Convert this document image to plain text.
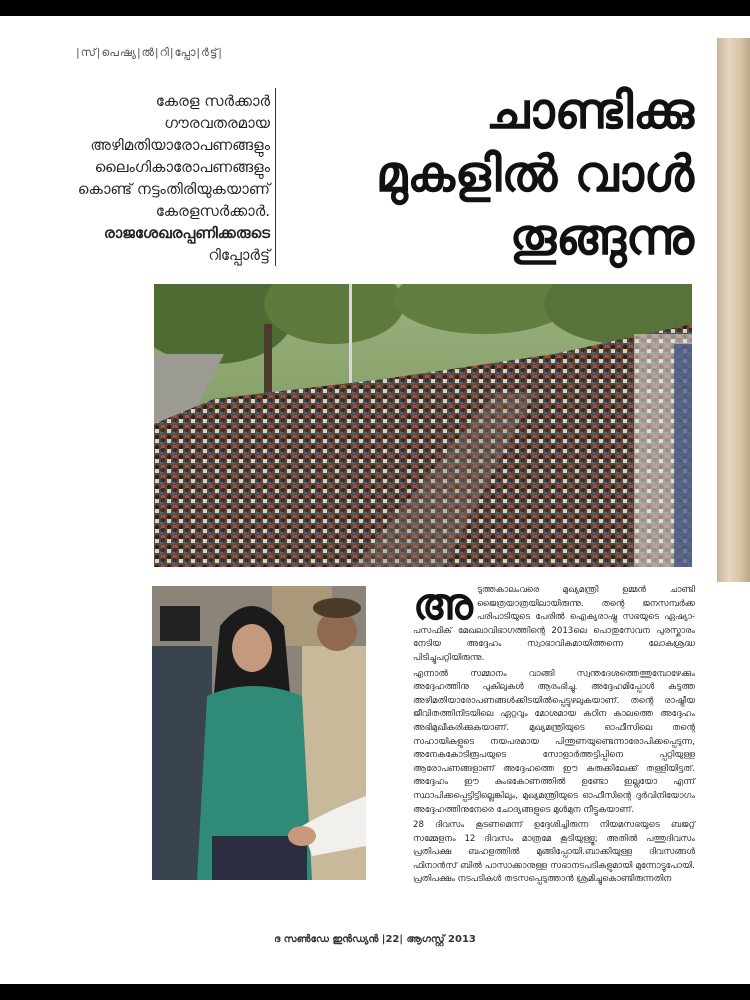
|സ്|പെഷ്യ|ൽ|റി|പ്പോ|ർട്ട്|
കേരള സർക്കാർ
ഗൗരവതരമായ
അഴിമതിയാരോപണങ്ങളും
ലൈംഗികാരോപണങ്ങളും
കൊണ്ട് നട്ടംതിരിയുകയാണ്
കേരളസർക്കാർ.
രാജശേഖരപ്പണിക്കരുടെ
റിപ്പോർട്ട്
ചാണ്ടിക്കു
മുകളിൽ വാൾ
തൂങ്ങുന്നു

അടുത്തകാലംവരെ മുഖ്യമന്ത്രി ഉമ്മൻ ചാണ്ടി ജൈത്രയാത്രയിലായിരുന്നു. തന്റെ ജനസമ്പർക്ക പരിപാടിയുടെ പേരിൽ ഐക്യരാഷ്ട്ര സഭയുടെ ഏഷ്യാ-പസഫിക് മേഖലാവിഭാഗത്തിന്റെ 2013ലെ പൊതുസേവന പുരസ്കാരം നേടിയ അദ്ദേഹം സ്വാഭാവികമായിത്തന്നെ ലോകശ്രദ്ധ പിടിച്ചുപറ്റിയിരുന്നു.

എന്നാൽ സമ്മാനം വാങ്ങി സ്വന്തദേശത്തെത്തുമ്പോഴേക്കും അദ്ദേഹത്തിനു പുകിലുകൾ ആരംഭിച്ചു. അദ്ദേഹമിപ്പോൾ കടുത്ത അഴിമതിയാരോപണങ്ങൾക്കിടയിൽപ്പെട്ടുഴലുകയാണ്. തന്റെ രാഷ്ട്രീയ ജീവിതത്തിനിടയിലെ ഏറ്റവും മോശമായ കഠിന കാലത്തെ അദ്ദേഹം അഭിമുഖീകരിക്കുകയാണ്. മുഖ്യമന്ത്രിയുടെ ഓഫീസിലെ തന്റെ സഹായികളുടെ നയപരമായ പിന്തുണയുണ്ടെന്നാരോപിക്കപ്പെടുന്ന, അനേകകോടിരൂപയുടെ സോളാർത്തട്ടിപ്പിനെ പ്പറ്റിയുള്ള ആരോപണങ്ങളാണ് അദ്ദേഹത്തെ ഈ കുരുക്കിലേക്ക് തള്ളിയിട്ടത്. അദ്ദേഹം ഈ കുംഭകോണത്തിൽ ഉണ്ടോ ഇല്ലയോ എന്ന് സ്ഥാപിക്കപ്പെട്ടിട്ടില്ലെങ്കിലും, മുഖ്യമന്ത്രിയുടെ ഓഫീസിന്റെ ദുർവിനിയോഗം അദ്ദേഹത്തിനുനേരെ ചോദ്യങ്ങളുടെ മുൾമുന നീട്ടുകയാണ്.

28 ദിവസം കൂടണമെന്ന് ഉദ്ദേശിച്ചിരുന്ന നിയമസഭയുടെ ബജറ്റ് സമ്മേളനം 12 ദിവസം മാത്രമേ കൂടിയുള്ളൂ; അതിൽ പത്തുദിവസം പ്രതിപക്ഷ ബഹളത്തിൽ മുങ്ങിപ്പോയി.ബാക്കിയുള്ള ദിവസങ്ങൾ ഫിനാൻസ് ബിൽ പാസാക്കാനുള്ള സഭാനടപടികളുമായി മുന്നോട്ടുപോയി. പ്രതിപക്ഷം നടപടികൾ തടസപ്പെടുത്താൻ ശ്രമിച്ചുകൊണ്ടിരുന്നതിന

ദ സൺഡേ ഇൻഡ്യൻ |22| ആഗസ്റ്റ് 2013
